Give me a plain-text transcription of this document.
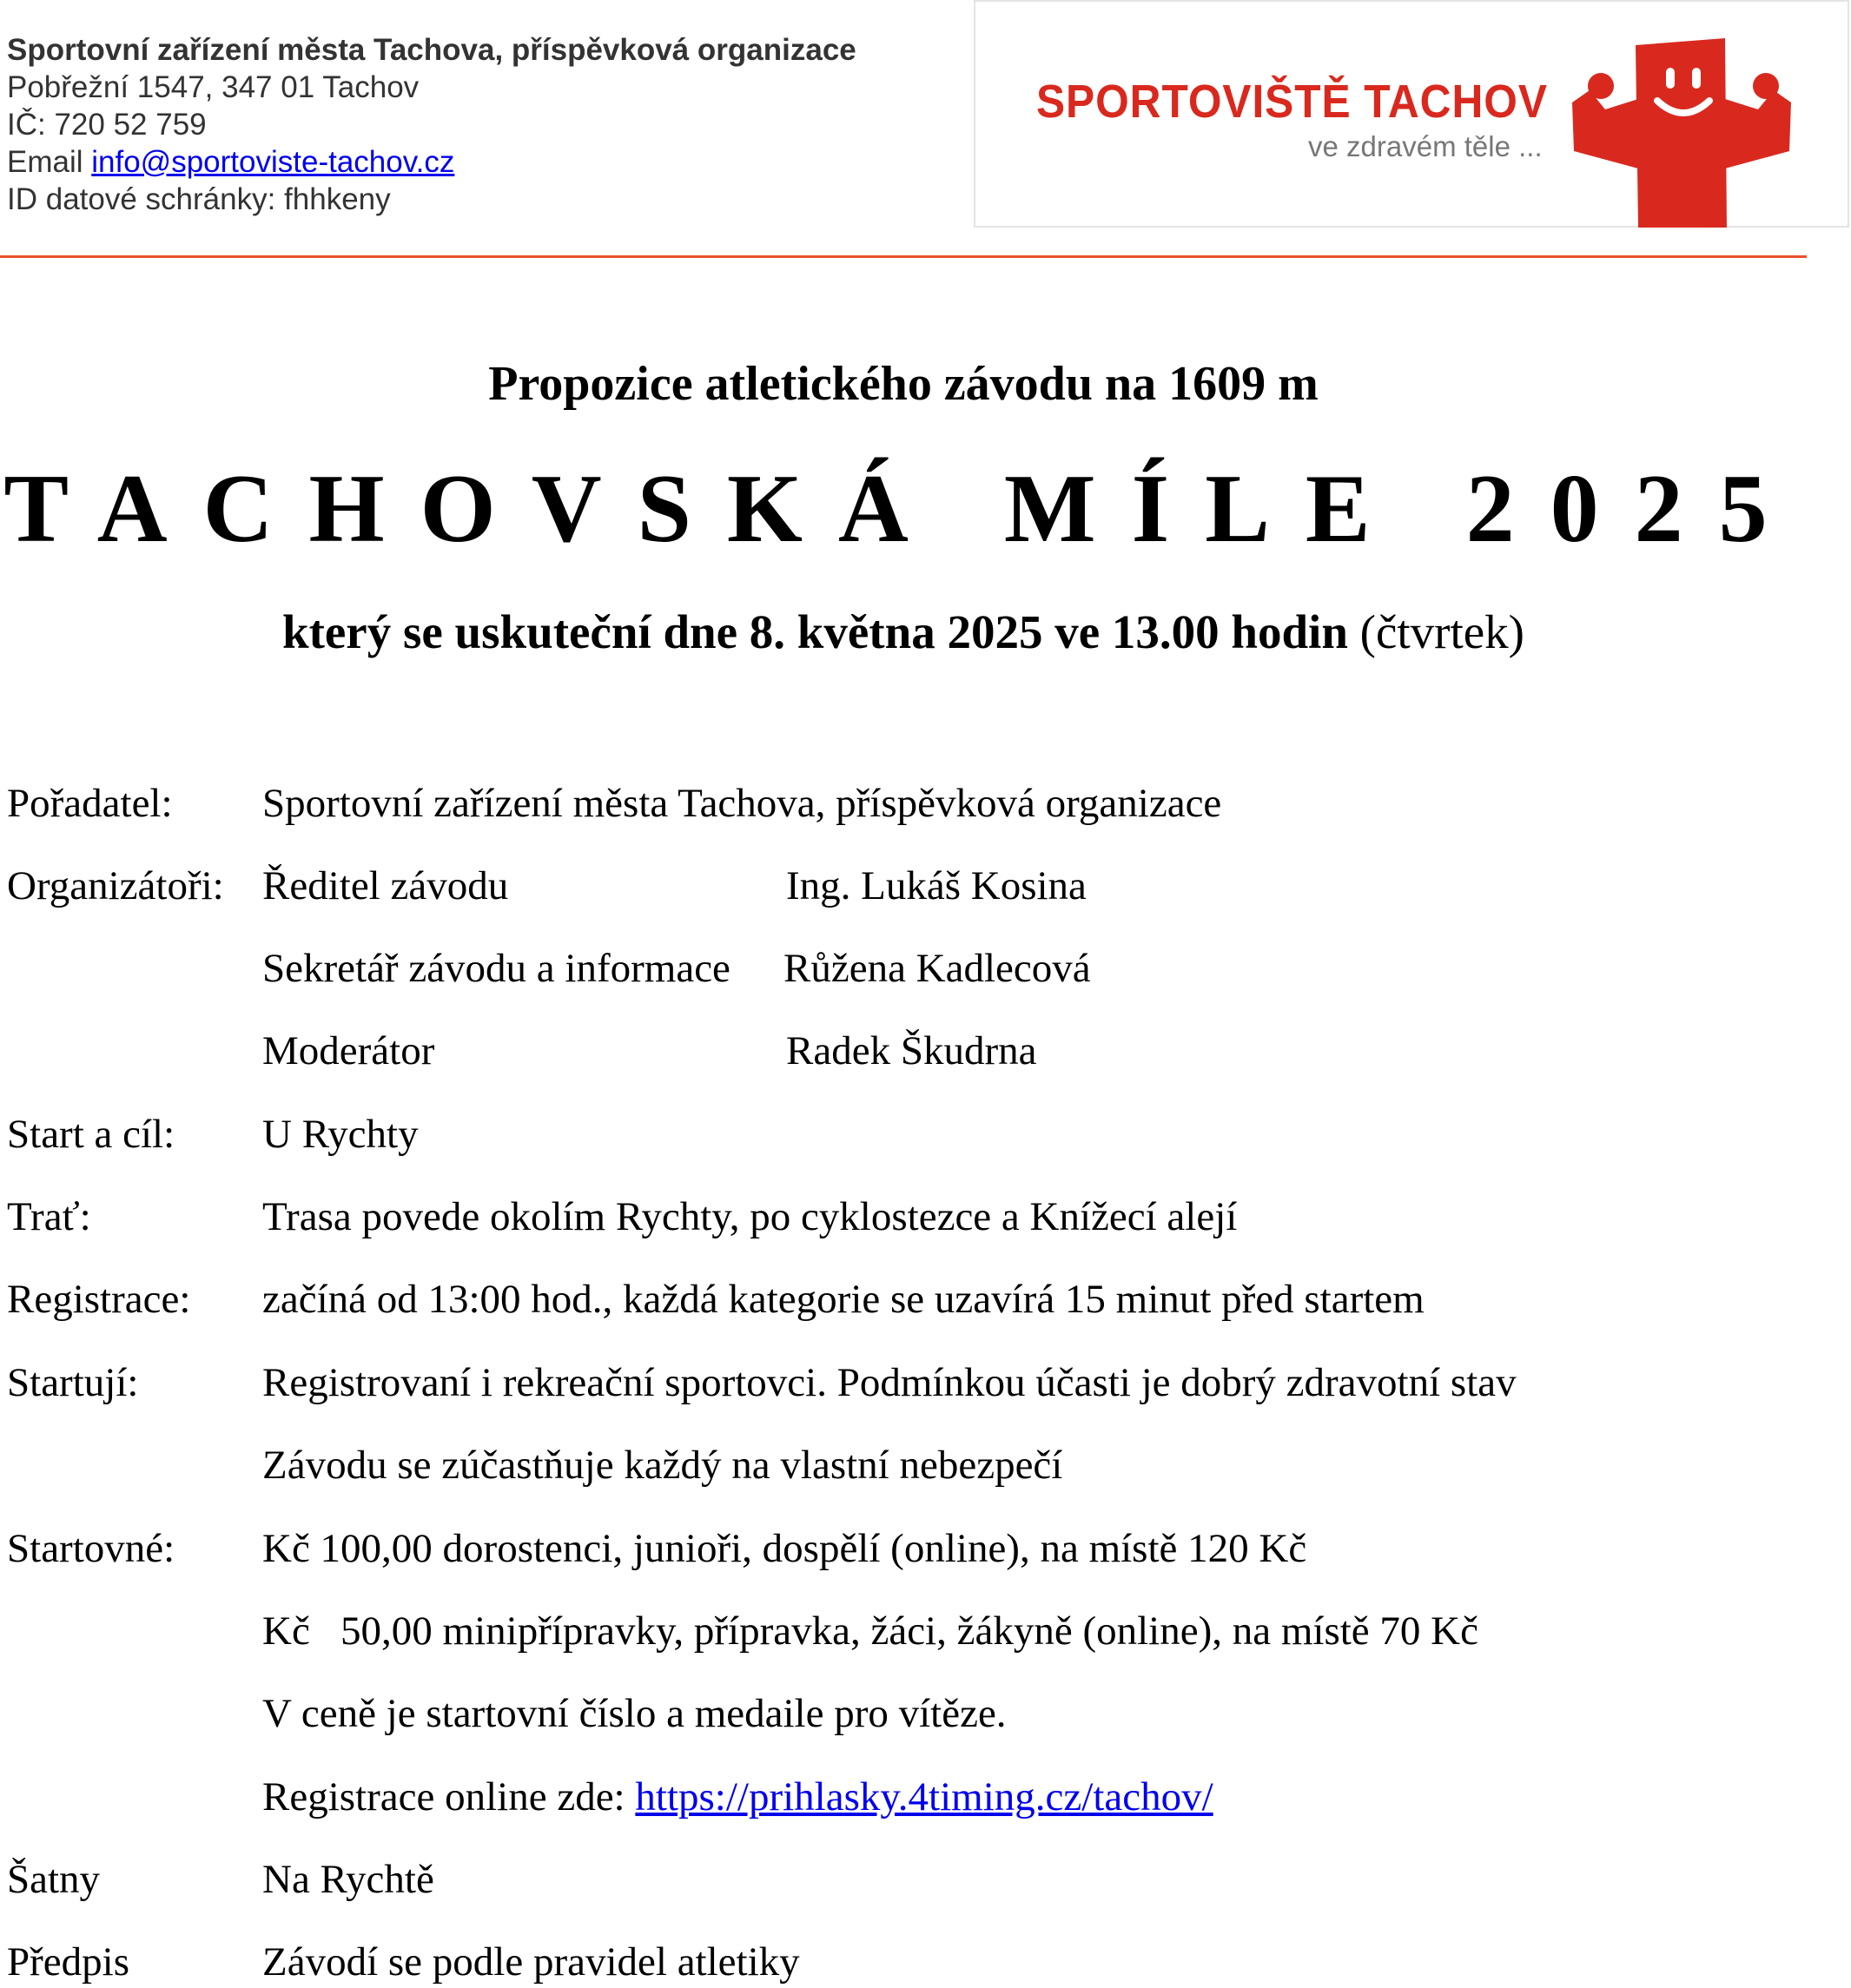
Sportovní zařízení města Tachova, příspěvková organizace
Pobřežní 1547, 347 01 Tachov
IČ: 720 52 759
Email info@sportoviste-tachov.cz
ID datové schránky: fhhkeny
SPORTOVIŠTĚ TACHOV
ve zdravém těle ...
Propozice atletického závodu na 1609 m
TACHOVSKÁ MÍLE 2025
který se uskuteční dne 8. května 2025 ve 13.00 hodin (čtvrtek)
Pořadatel: Sportovní zařízení města Tachova, příspěvková organizace
Organizátoři: Ředitel závodu	Ing. Lukáš Kosina
Sekretář závodu a informace Růžena Kadlecová
Moderátor	Radek Škudrna
Start a cíl: U Rychty
Trať:	Trasa povede okolím Rychty, po cyklostezce a Knížecí alejí
Registrace: začíná od 13:00 hod., každá kategorie se uzavírá 15 minut před startem
Startují:	Registrovaní i rekreační sportovci. Podmínkou účasti je dobrý zdravotní stav
Závodu se zúčastňuje každý na vlastní nebezpečí
Startovné: Kč 100,00 dorostenci, junioři, dospělí (online), na místě 120 Kč
Kč   50,00 minipřípravky, přípravka, žáci, žákyně (online), na místě 70 Kč
V ceně je startovní číslo a medaile pro vítěze.
Registrace online zde: https://prihlasky.4timing.cz/tachov/
Šatny	Na Rychtě
Předpis	Závodí se podle pravidel atletiky
